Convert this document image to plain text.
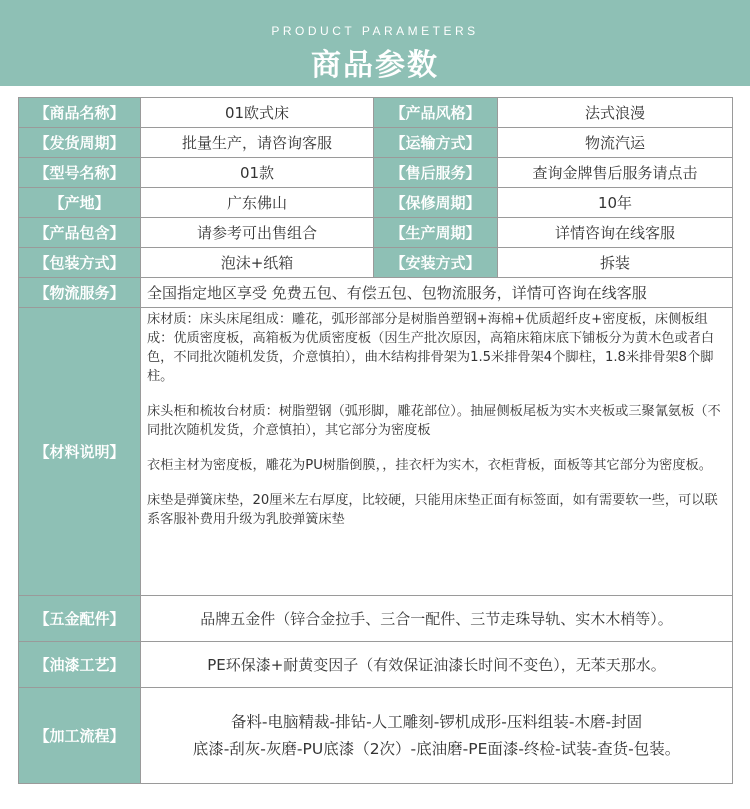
PRODUCT PARAMETERS
商品参数
【商品名称】	01欧式床	【产品风格】	法式浪漫
【发货周期】	批量生产，请咨询客服	【运输方式】	物流汽运
【型号名称】	01款	【售后服务】	查询金牌售后服务请点击
【产地】	广东佛山	【保修周期】	10年
【产品包含】	请参考可出售组合	【生产周期】	详情咨询在线客服
【包装方式】	泡沫+纸箱	【安装方式】	拆装
【物流服务】	全国指定地区享受 免费五包、有偿五包、包物流服务，详情可咨询在线客服		
【材料说明】	床材质：床头床尾组成：雕花，弧形部部分是树脂兽塑钢+海棉+优质超纤皮+密度板，床侧板组成：优质密度板，高箱板为优质密度板（因生产批次原因，高箱床箱床底下铺板分为黄木色或者白色，不同批次随机发货，介意慎拍），曲木结构排骨架为1.5米排骨架4个脚柱，1.8米排骨架8个脚柱。

床头柜和梳妆台材质：树脂塑钢（弧形脚，雕花部位）。抽屉侧板尾板为实木夹板或三聚氰氨板（不同批次随机发货，介意慎拍），其它部分为密度板

衣柜主材为密度板，雕花为PU树脂倒膜，，挂衣杆为实木，衣柜背板，面板等其它部分为密度板。

床垫是弹簧床垫，20厘米左右厚度，比较硬，只能用床垫正面有标签面，如有需要软一些，可以联系客服补费用升级为乳胶弹簧床垫		

【五金配件】	品牌五金件（锌合金拉手、三合一配件、三节走珠导轨、实木木梢等）。		
【油漆工艺】	PE环保漆+耐黄变因子（有效保证油漆长时间不变色），无苯天那水。		
【加工流程】	备料-电脑精裁-排钻-人工雕刻-锣机成形-压料组装-木磨-封固
底漆-刮灰-灰磨-PU底漆（2次）-底油磨-PE面漆-终检-试装-查货-包装。		
